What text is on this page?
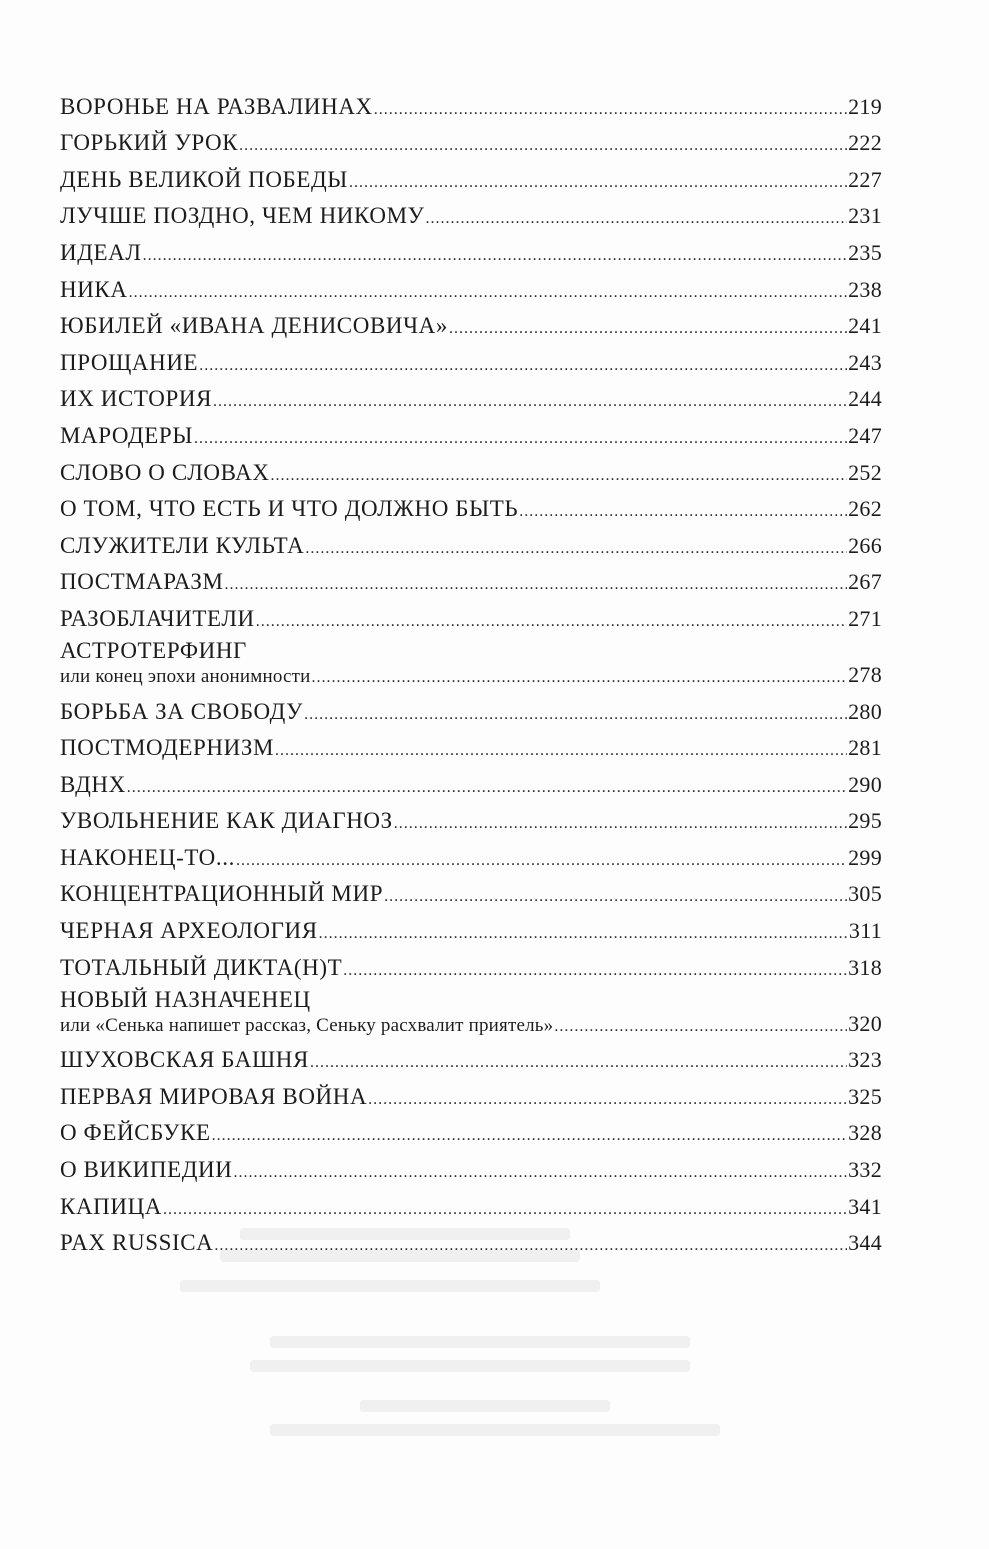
ВОРОНЬЕ НА РАЗВАЛИНАХ .....	219
ГОРЬКИЙ УРОК .....	222
ДЕНЬ ВЕЛИКОЙ ПОБЕДЫ .....	227
ЛУЧШЕ ПОЗДНО, ЧЕМ НИКОМУ .....	231
ИДЕАЛ .....	235
НИКА .....	238
ЮБИЛЕЙ «ИВАНА ДЕНИСОВИЧА» .....	241
ПРОЩАНИЕ .....	243
ИХ ИСТОРИЯ .....	244
МАРОДЕРЫ .....	247
СЛОВО О СЛОВАХ .....	252
О ТОМ, ЧТО ЕСТЬ И ЧТО ДОЛЖНО БЫТЬ .....	262
СЛУЖИТЕЛИ КУЛЬТА .....	266
ПОСТМАРАЗМ .....	267
РАЗОБЛАЧИТЕЛИ .....	271
АСТРОТЕРФИНГ
или конец эпохи анонимности .....	278
БОРЬБА ЗА СВОБОДУ .....	280
ПОСТМОДЕРНИЗМ .....	281
ВДНХ .....	290
УВОЛЬНЕНИЕ КАК ДИАГНОЗ .....	295
НАКОНЕЦ-ТО... .....	299
КОНЦЕНТРАЦИОННЫЙ МИР .....	305
ЧЕРНАЯ АРХЕОЛОГИЯ .....	311
ТОТАЛЬНЫЙ ДИКТА(Н)Т .....	318
НОВЫЙ НАЗНАЧЕНЕЦ
или «Сенька напишет рассказ, Сеньку расхвалит приятель» .....	320
ШУХОВСКАЯ БАШНЯ .....	323
ПЕРВАЯ МИРОВАЯ ВОЙНА .....	325
О ФЕЙСБУКЕ .....	328
О ВИКИПЕДИИ .....	332
КАПИЦА .....	341
PAX RUSSICA .....	344
